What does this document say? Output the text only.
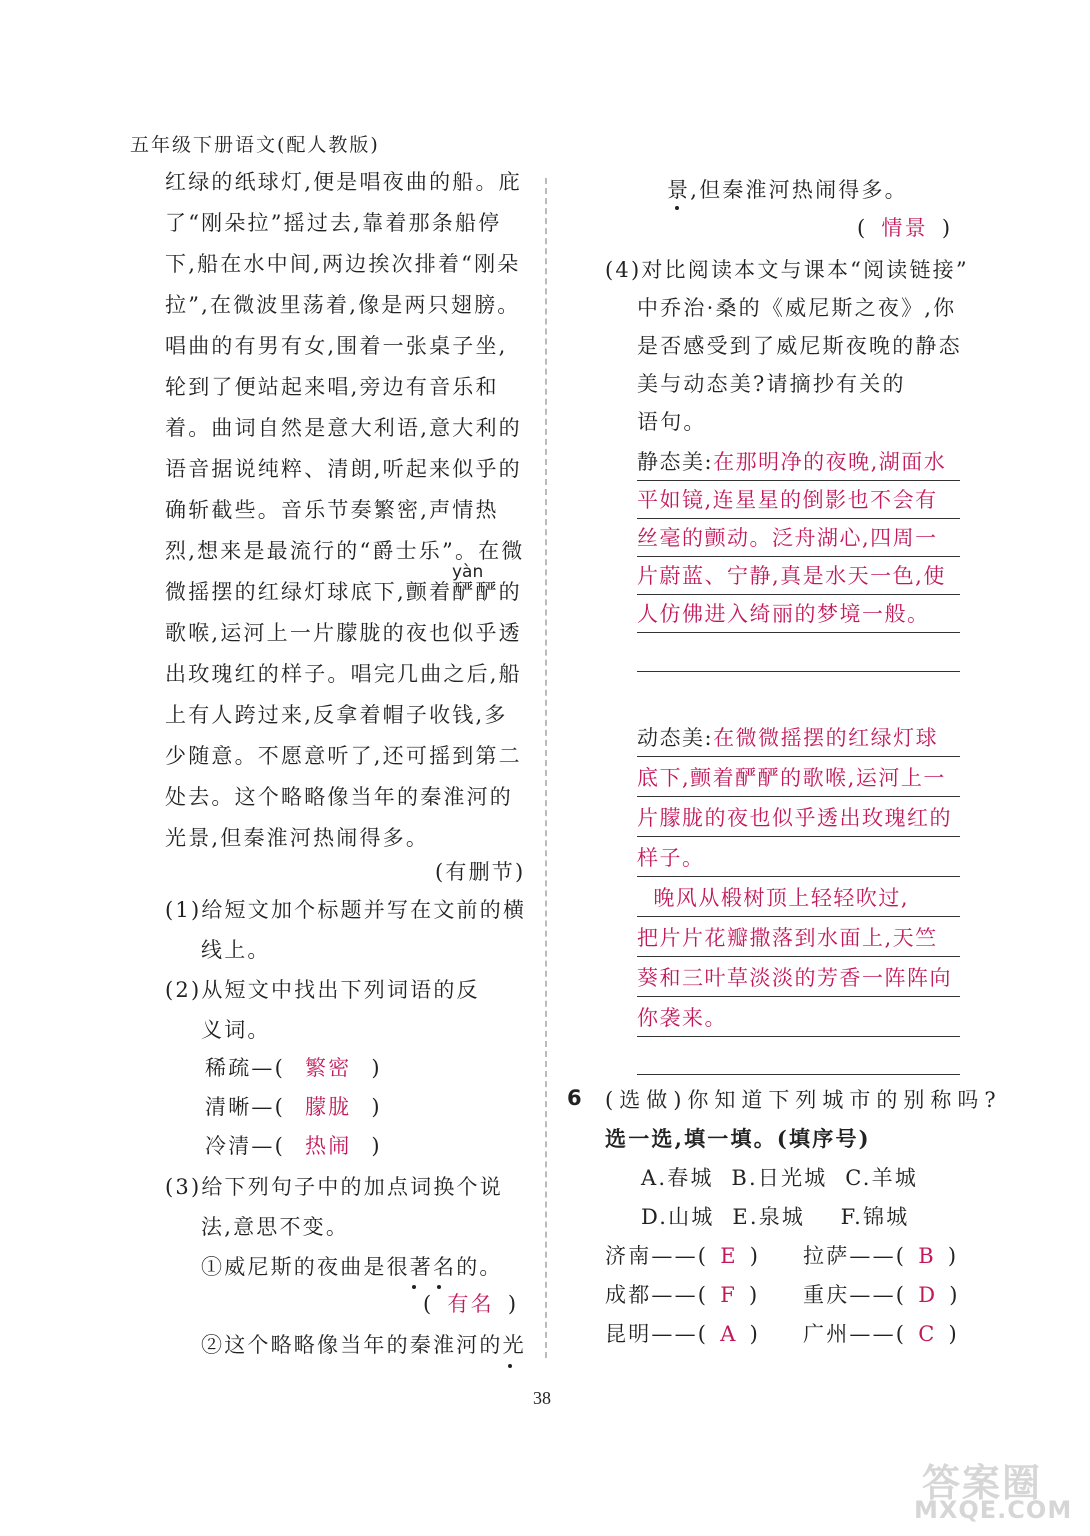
五年级下册语文(配人教版)
红绿的纸球灯,便是唱夜曲的船。庇
了“刚朵拉”摇过去,靠着那条船停
下,船在水中间,两边挨次排着“刚朵
拉”,在微波里荡着,像是两只翅膀。
唱曲的有男有女,围着一张桌子坐,
轮到了便站起来唱,旁边有音乐和
着。曲词自然是意大利语,意大利的
语音据说纯粹、清朗,听起来似乎的
确斩截些。音乐节奏繁密,声情热
烈,想来是最流行的“爵士乐”。在微
yàn
微摇摆的红绿灯球底下,颤着酽酽的
歌喉,运河上一片朦胧的夜也似乎透
出玫瑰红的样子。唱完几曲之后,船
上有人跨过来,反拿着帽子收钱,多
少随意。不愿意听了,还可摇到第二
处去。这个略略像当年的秦淮河的
光景,但秦淮河热闹得多。
(有删节)
(1)给短文加个标题并写在文前的横
线上。
(2)从短文中找出下列词语的反
义词。
稀疏—( 繁密 )
清晰—( 朦胧 )
冷清—( 热闹 )
(3)给下列句子中的加点词换个说
法,意思不变。
①威尼斯的夜曲是很著名的。
( 有名 )
②这个略略像当年的秦淮河的光
景,但秦淮河热闹得多。
( 情景 )
(4)对比阅读本文与课本“阅读链接”
中乔治·桑的《威尼斯之夜》,你
是否感受到了威尼斯夜晚的静态
美与动态美?请摘抄有关的
语句。
静态美:在那明净的夜晚,湖面水
平如镜,连星星的倒影也不会有
丝毫的颤动。泛舟湖心,四周一
片蔚蓝、宁静,真是水天一色,使
人仿佛进入绮丽的梦境一般。
动态美:在微微摇摆的红绿灯球
底下,颤着酽酽的歌喉,运河上一
片朦胧的夜也似乎透出玫瑰红的
样子。
晚风从椴树顶上轻轻吹过,
把片片花瓣撒落到水面上,天竺
葵和三叶草淡淡的芳香一阵阵向
你袭来。
6 (选做)你知道下列城市的别称吗?
选一选,填一填。(填序号)
A.春城  B.日光城  C.羊城
D.山城  E.泉城    F.锦城
济南——( E ) 拉萨——( B )
成都——( F ) 重庆——( D )
昆明——( A ) 广州——( C )
38
答案圈
MXQE.COM
